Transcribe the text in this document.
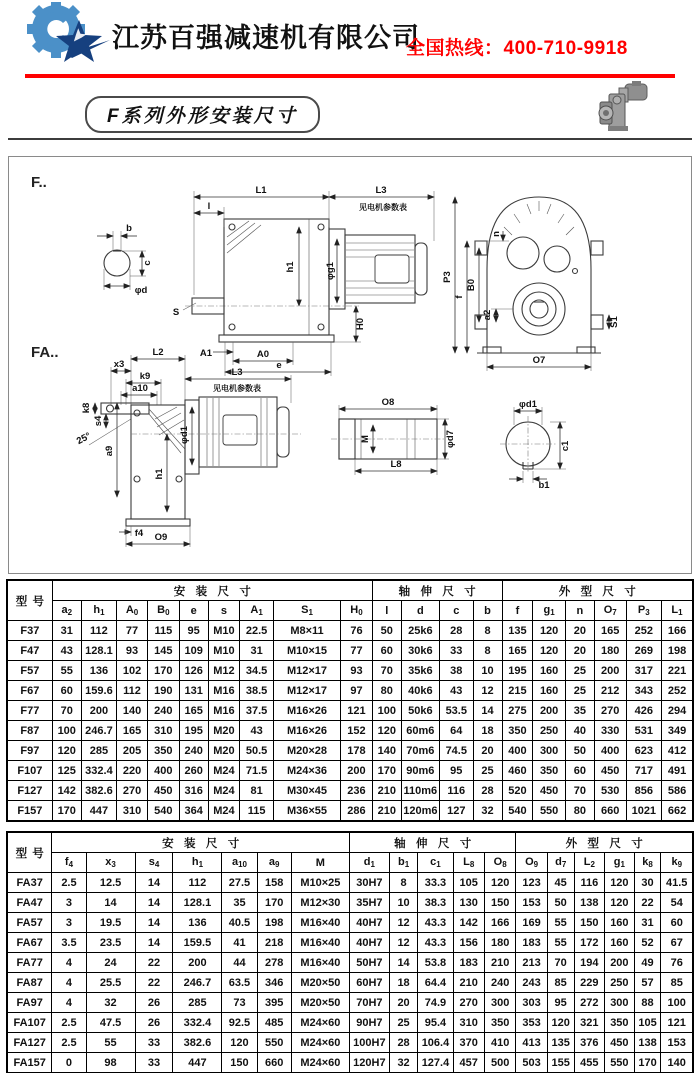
江苏百强减速机有限公司
全国热线：400-710-9918
F系列外形安装尺寸
F..
b
c
φd
L1	L3
见电机参数表
l
h1	φg1
S
H0
A1	A0
e
P3
f
B0
a2
n
S1
O7
FA..	L2
x3
k9
a10
k8
s4
25°
L3
见电机参数表
φd1
a9
h1
f4 O9
O8
M
L8
φd7
φd1
c1
b1
型号	安装尺寸									轴伸尺寸				外型尺寸					
	$a_2$	$h_1$	$A_0$	$B_0$	e	s	$A_1$	$S_1$	$H_0$	l	d	c	b	f	$g_1$	n	$O_7$	$P_3$	$L_1$
F37	31	112	77	115	95	M10	22.5	M8×11	76	50	25k6	28	8	135	120	20	165	252	166
F47	43	128.1	93	145	109	M10	31	M10×15	77	60	30k6	33	8	165	120	20	180	269	198
F57	55	136	102	170	126	M12	34.5	M12×17	93	70	35k6	38	10	195	160	25	200	317	221
F67	60	159.6	112	190	131	M16	38.5	M12×17	97	80	40k6	43	12	215	160	25	212	343	252
F77	70	200	140	240	165	M16	37.5	M16×26	121	100	50k6	53.5	14	275	200	35	270	426	294
F87	100	246.7	165	310	195	M20	43	M16×26	152	120	60m6	64	18	350	250	40	330	531	349
F97	120	285	205	350	240	M20	50.5	M20×28	178	140	70m6	74.5	20	400	300	50	400	623	412
F107	125	332.4	220	400	260	M24	71.5	M24×36	200	170	90m6	95	25	460	350	60	450	717	491
F127	142	382.6	270	450	316	M24	81	M30×45	236	210	110m6	116	28	520	450	70	530	856	586
F157	170	447	310	540	364	M24	115	M36×55	286	210	120m6	127	32	540	550	80	660	1021	662
型号	安装尺寸							轴伸尺寸					外型尺寸					
	$f_4$	$x_3$	$s_4$	$h_1$	$a_{10}$	$a_9$	M	$d_1$	$b_1$	$c_1$	$L_8$	$O_8$	$O_9$	$d_7$	$L_2$	$g_1$	$k_8$	$k_9$
FA37	2.5	12.5	14	112	27.5	158	M10×25	30H7	8	33.3	105	120	123	45	116	120	30	41.5
FA47	3	14	14	128.1	35	170	M12×30	35H7	10	38.3	130	150	153	50	138	120	22	54
FA57	3	19.5	14	136	40.5	198	M16×40	40H7	12	43.3	142	166	169	55	150	160	31	60
FA67	3.5	23.5	14	159.5	41	218	M16×40	40H7	12	43.3	156	180	183	55	172	160	52	67
FA77	4	24	22	200	44	278	M16×40	50H7	14	53.8	183	210	213	70	194	200	49	76
FA87	4	25.5	22	246.7	63.5	346	M20×50	60H7	18	64.4	210	240	243	85	229	250	57	85
FA97	4	32	26	285	73	395	M20×50	70H7	20	74.9	270	300	303	95	272	300	88	100
FA107	2.5	47.5	26	332.4	92.5	485	M24×60	90H7	25	95.4	310	350	353	120	321	350	105	121
FA127	2.5	55	33	382.6	120	550	M24×60	100H7	28	106.4	370	410	413	135	376	450	138	153
FA157	0	98	33	447	150	660	M24×60	120H7	32	127.4	457	500	503	155	455	550	170	140
